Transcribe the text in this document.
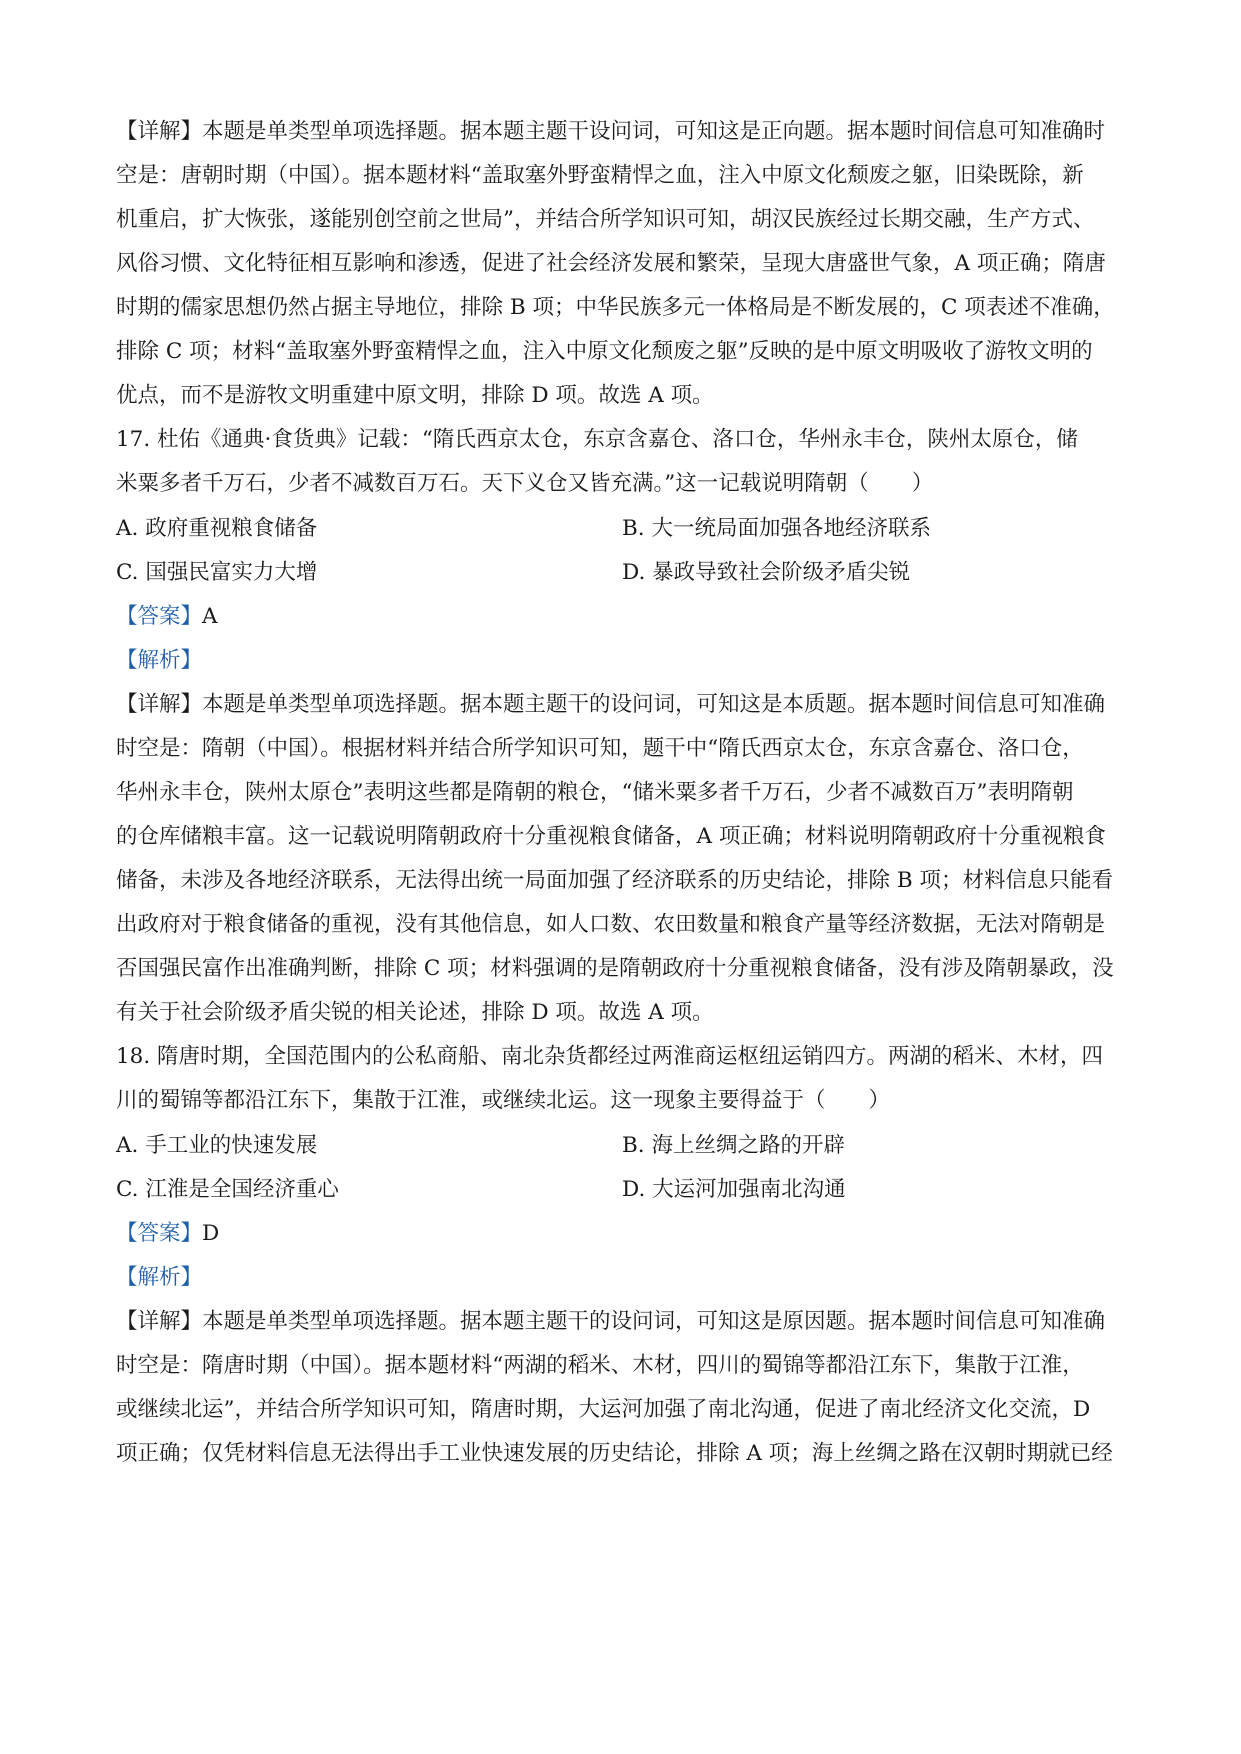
【详解】本题是单类型单项选择题。据本题主题干设问词，可知这是正向题。据本题时间信息可知准确时
空是：唐朝时期（中国）。据本题材料“盖取塞外野蛮精悍之血，注入中原文化颓废之躯，旧染既除，新
机重启，扩大恢张，遂能别创空前之世局”，并结合所学知识可知，胡汉民族经过长期交融，生产方式、
风俗习惯、文化特征相互影响和渗透，促进了社会经济发展和繁荣，呈现大唐盛世气象，A 项正确；隋唐
时期的儒家思想仍然占据主导地位，排除 B 项；中华民族多元一体格局是不断发展的，C 项表述不准确，
排除 C 项；材料“盖取塞外野蛮精悍之血，注入中原文化颓废之躯”反映的是中原文明吸收了游牧文明的
优点，而不是游牧文明重建中原文明，排除 D 项。故选 A 项。
17. 杜佑《通典·食货典》记载：“隋氏西京太仓，东京含嘉仓、洛口仓，华州永丰仓，陕州太原仓，储
米粟多者千万石，少者不减数百万石。天下义仓又皆充满。”这一记载说明隋朝（　　）
A. 政府重视粮食储备	B. 大一统局面加强各地经济联系
C. 国强民富实力大增	D. 暴政导致社会阶级矛盾尖锐
【答案】A
【解析】
【详解】本题是单类型单项选择题。据本题主题干的设问词，可知这是本质题。据本题时间信息可知准确
时空是：隋朝（中国）。根据材料并结合所学知识可知，题干中“隋氏西京太仓，东京含嘉仓、洛口仓，
华州永丰仓，陕州太原仓”表明这些都是隋朝的粮仓，“储米粟多者千万石，少者不减数百万”表明隋朝
的仓库储粮丰富。这一记载说明隋朝政府十分重视粮食储备，A 项正确；材料说明隋朝政府十分重视粮食
储备，未涉及各地经济联系，无法得出统一局面加强了经济联系的历史结论，排除 B 项；材料信息只能看
出政府对于粮食储备的重视，没有其他信息，如人口数、农田数量和粮食产量等经济数据，无法对隋朝是
否国强民富作出准确判断，排除 C 项；材料强调的是隋朝政府十分重视粮食储备，没有涉及隋朝暴政，没
有关于社会阶级矛盾尖锐的相关论述，排除 D 项。故选 A 项。
18. 隋唐时期，全国范围内的公私商船、南北杂货都经过两淮商运枢纽运销四方。两湖的稻米、木材，四
川的蜀锦等都沿江东下，集散于江淮，或继续北运。这一现象主要得益于（　　）
A. 手工业的快速发展	B. 海上丝绸之路的开辟
C. 江淮是全国经济重心	D. 大运河加强南北沟通
【答案】D
【解析】
【详解】本题是单类型单项选择题。据本题主题干的设问词，可知这是原因题。据本题时间信息可知准确
时空是：隋唐时期（中国）。据本题材料“两湖的稻米、木材，四川的蜀锦等都沿江东下，集散于江淮，
或继续北运”，并结合所学知识可知，隋唐时期，大运河加强了南北沟通，促进了南北经济文化交流，D
项正确；仅凭材料信息无法得出手工业快速发展的历史结论，排除 A 项；海上丝绸之路在汉朝时期就已经
